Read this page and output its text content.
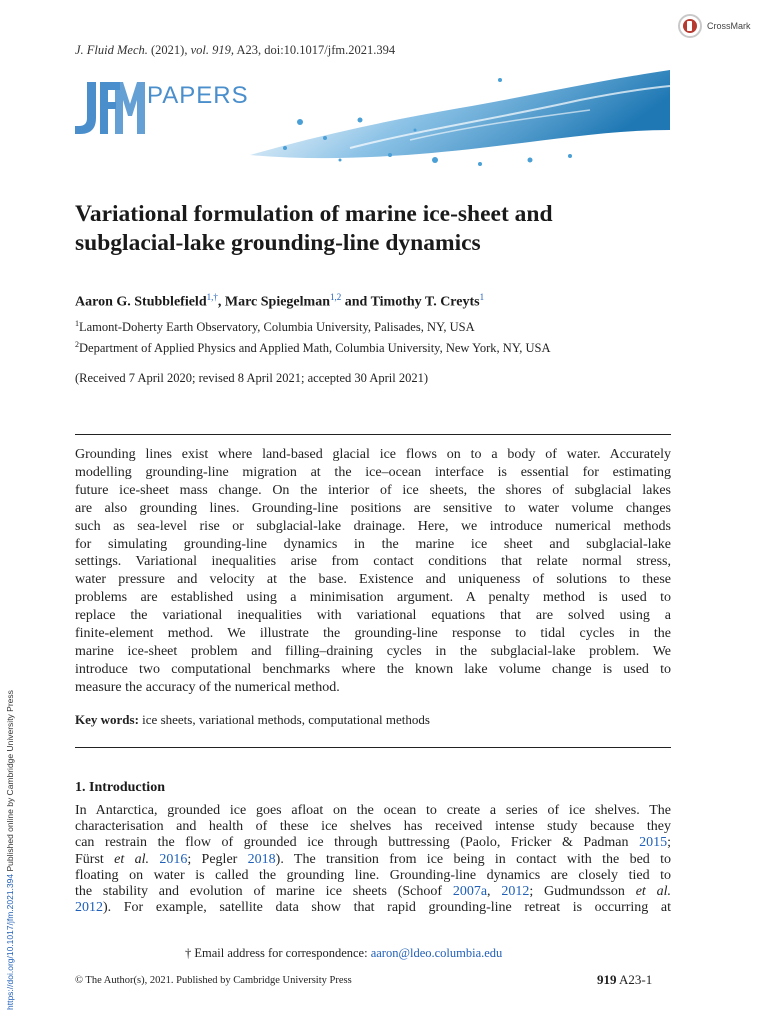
J. Fluid Mech. (2021), vol. 919, A23, doi:10.1017/jfm.2021.394
CrossMark
PAPERS
Variational formulation of marine ice-sheet and
subglacial-lake grounding-line dynamics
Aaron G. Stubblefield$^{1,\dagger}$, Marc Spiegelman$^{1,2}$ and Timothy T. Creyts$^1$
$^1$Lamont-Doherty Earth Observatory, Columbia University, Palisades, NY, USA
$^2$Department of Applied Physics and Applied Math, Columbia University, New York, NY, USA
(Received 7 April 2020; revised 8 April 2021; accepted 30 April 2021)
Grounding lines exist where land-based glacial ice flows on to a body of water. Accurately
modelling grounding-line migration at the ice–ocean interface is essential for estimating
future ice-sheet mass change. On the interior of ice sheets, the shores of subglacial lakes
are also grounding lines. Grounding-line positions are sensitive to water volume changes
such as sea-level rise or subglacial-lake drainage. Here, we introduce numerical methods
for simulating grounding-line dynamics in the marine ice sheet and subglacial-lake
settings. Variational inequalities arise from contact conditions that relate normal stress,
water pressure and velocity at the base. Existence and uniqueness of solutions to these
problems are established using a minimisation argument. A penalty method is used to
replace the variational inequalities with variational equations that are solved using a
finite-element method. We illustrate the grounding-line response to tidal cycles in the
marine ice-sheet problem and filling–draining cycles in the subglacial-lake problem. We
introduce two computational benchmarks where the known lake volume change is used to
measure the accuracy of the numerical method.
Key words: ice sheets, variational methods, computational methods
1. Introduction
In Antarctica, grounded ice goes afloat on the ocean to create a series of ice shelves. The
characterisation and health of these ice shelves has received intense study because they
can restrain the flow of grounded ice through buttressing (Paolo, Fricker & Padman 2015;
Fürst et al. 2016; Pegler 2018). The transition from ice being in contact with the bed to
floating on water is called the grounding line. Grounding-line dynamics are closely tied to
the stability and evolution of marine ice sheets (Schoof 2007a, 2012; Gudmundsson et al.
2012). For example, satellite data show that rapid grounding-line retreat is occurring at
† Email address for correspondence: aaron@ldeo.columbia.edu
© The Author(s), 2021. Published by Cambridge University Press	919 A23-1
https://doi.org/10.1017/jfm.2021.394 Published online by Cambridge University Press
